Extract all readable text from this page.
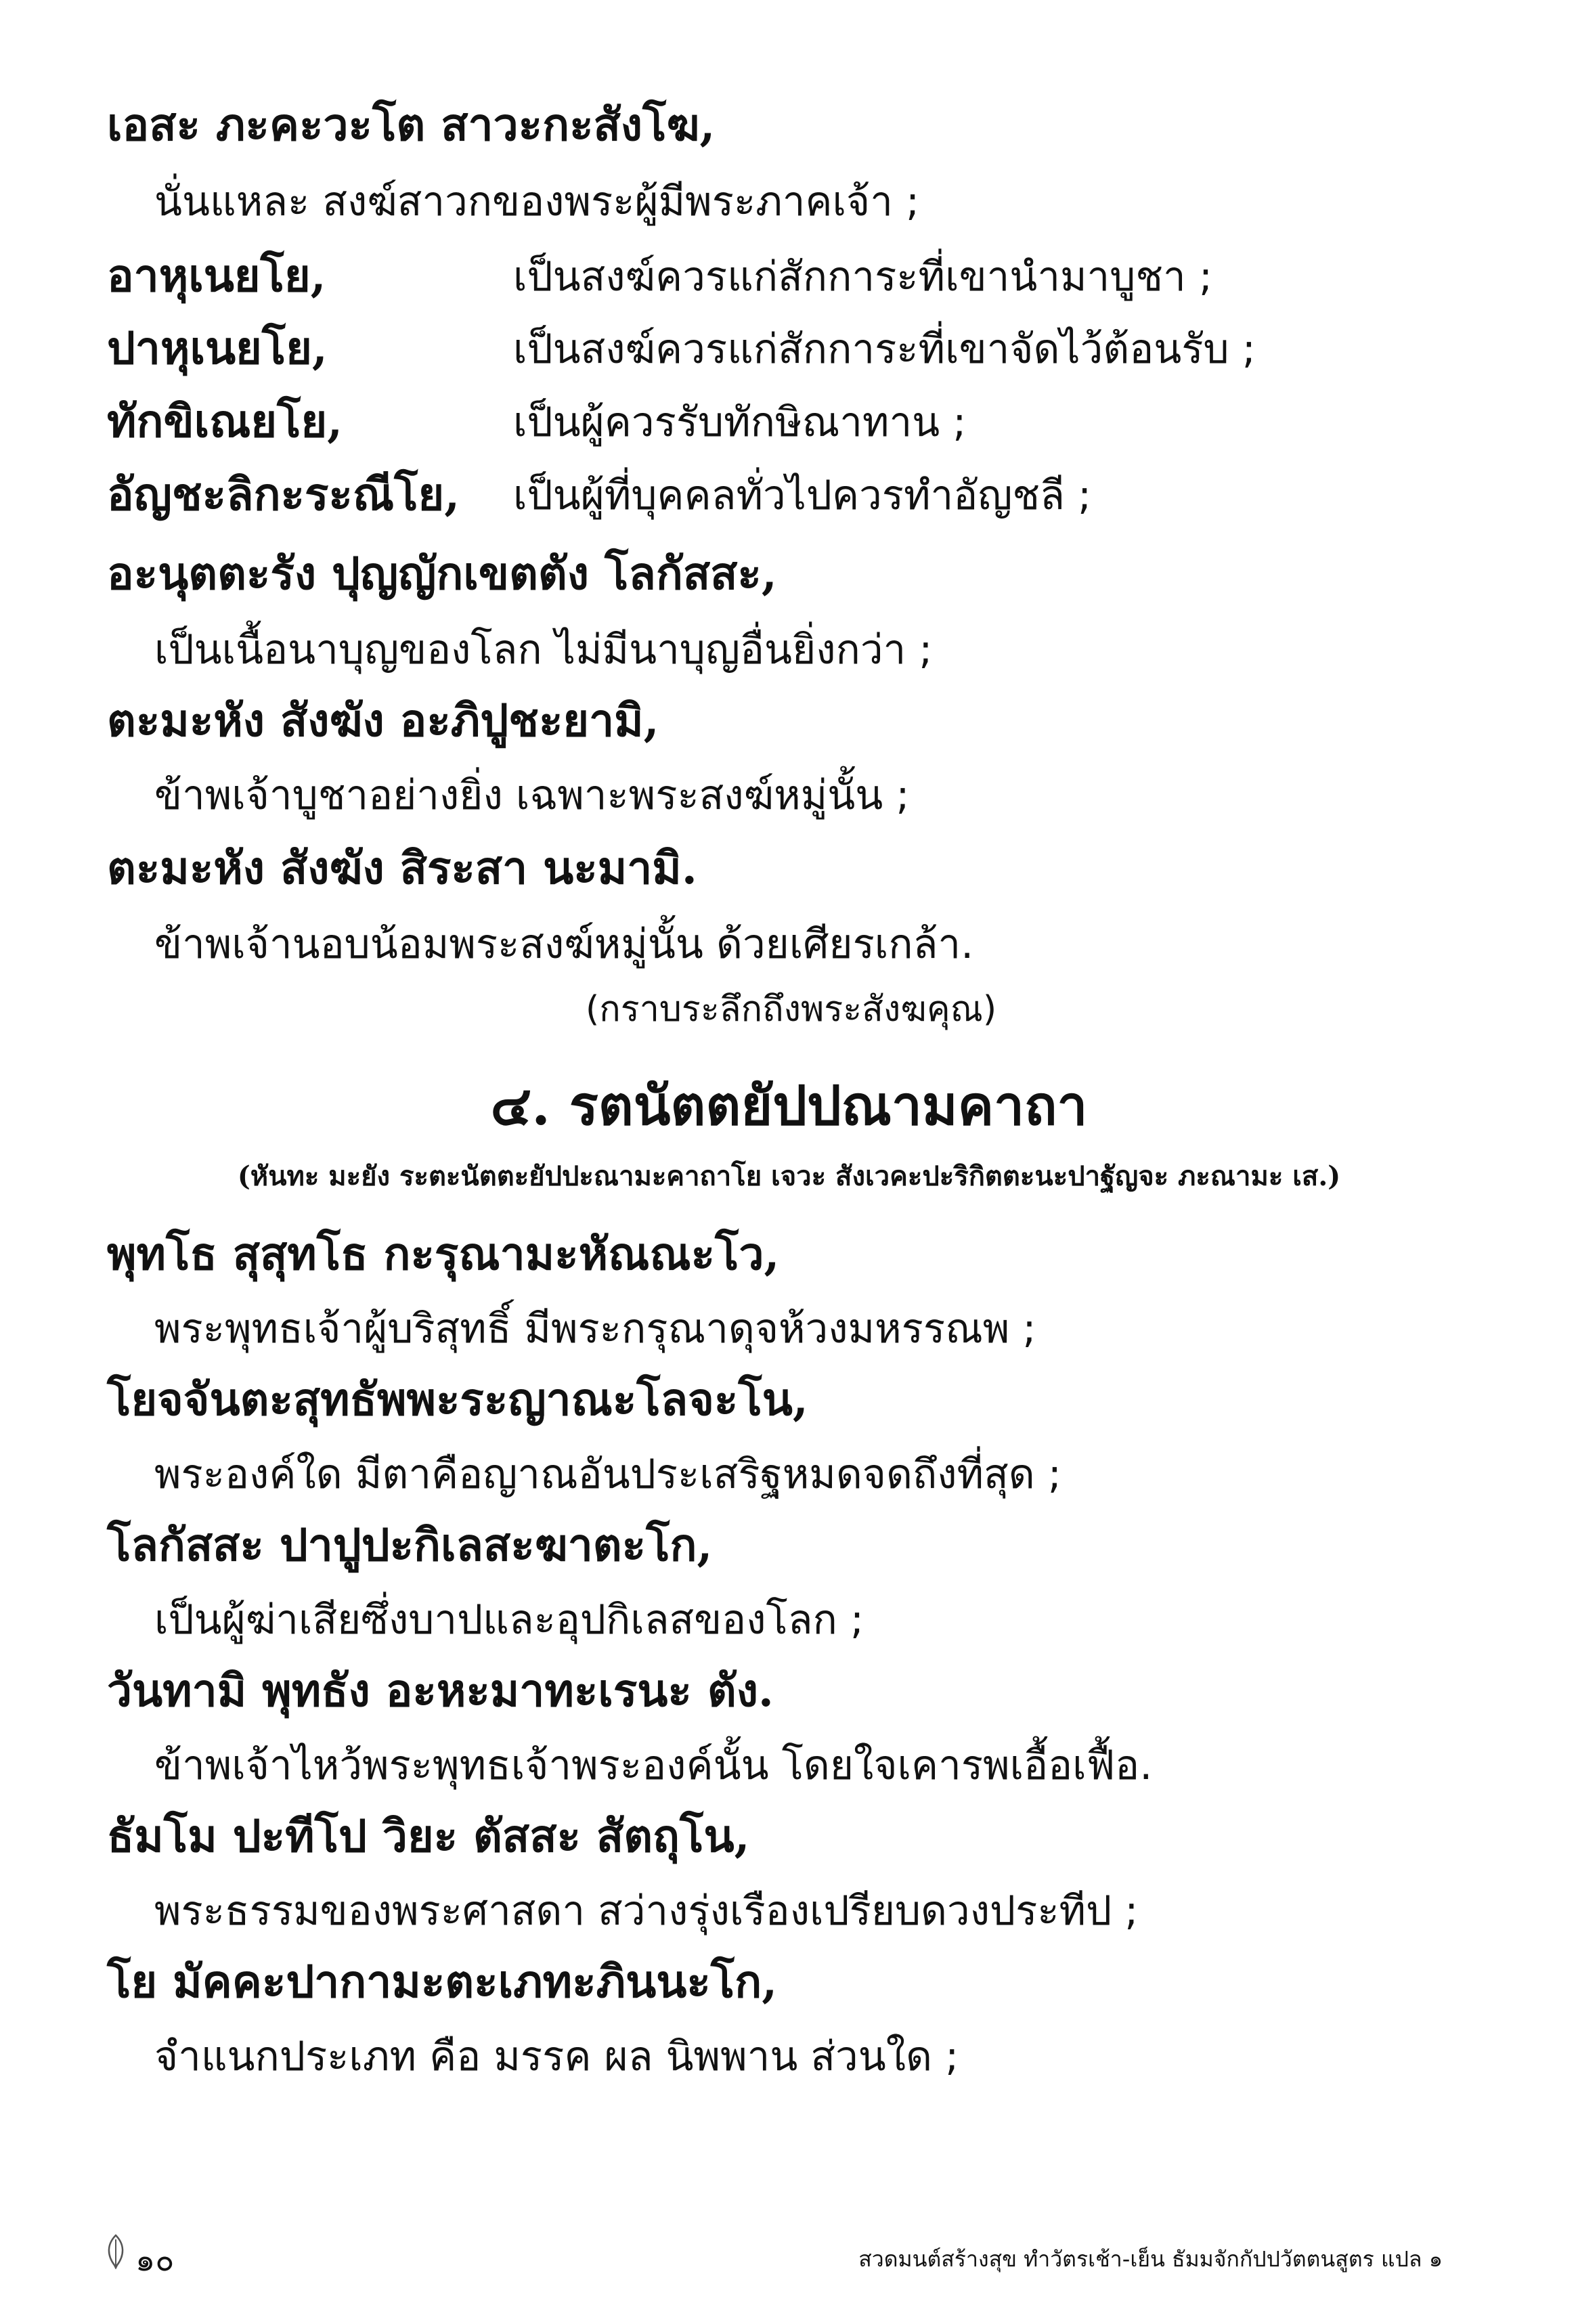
เอสะ ภะคะวะโต สาวะกะสังโฆ,
นั่นแหละ สงฆ์สาวกของพระผู้มีพระภาคเจ้า ;
อาหุเนยโย,	เป็นสงฆ์ควรแก่สักการะที่เขานำมาบูชา ;
ปาหุเนยโย,	เป็นสงฆ์ควรแก่สักการะที่เขาจัดไว้ต้อนรับ ;
ทักขิเณยโย,	เป็นผู้ควรรับทักษิณาทาน ;
อัญชะลิกะระณีโย, เป็นผู้ที่บุคคลทั่วไปควรทำอัญชลี ;
อะนุตตะรัง ปุญญักเขตตัง โลกัสสะ,
เป็นเนื้อนาบุญของโลก ไม่มีนาบุญอื่นยิ่งกว่า ;
ตะมะหัง สังฆัง อะภิปูชะยามิ,
ข้าพเจ้าบูชาอย่างยิ่ง เฉพาะพระสงฆ์หมู่นั้น ;
ตะมะหัง สังฆัง สิระสา นะมามิ.
ข้าพเจ้านอบน้อมพระสงฆ์หมู่นั้น ด้วยเศียรเกล้า.
(กราบระลึกถึงพระสังฆคุณ)
๔. รตนัตตยัปปณามคาถา
(หันทะ มะยัง ระตะนัตตะยัปปะณามะคาถาโย เจวะ สังเวคะปะริกิตตะนะปาฐัญจะ ภะณามะ เส.)
พุทโธ สุสุทโธ กะรุณามะหัณณะโว,
พระพุทธเจ้าผู้บริสุทธิ์ มีพระกรุณาดุจห้วงมหรรณพ ;
โยจจันตะสุทธัพพะระญาณะโลจะโน,
พระองค์ใด มีตาคือญาณอันประเสริฐหมดจดถึงที่สุด ;
โลกัสสะ ปาปูปะกิเลสะฆาตะโก,
เป็นผู้ฆ่าเสียซึ่งบาปและอุปกิเลสของโลก ;
วันทามิ พุทธัง อะหะมาทะเรนะ ตัง.
ข้าพเจ้าไหว้พระพุทธเจ้าพระองค์นั้น โดยใจเคารพเอื้อเฟื้อ.
ธัมโม ปะทีโป วิยะ ตัสสะ สัตถุโน,
พระธรรมของพระศาสดา สว่างรุ่งเรืองเปรียบดวงประทีป ;
โย มัคคะปากามะตะเภทะภินนะโก,
จำแนกประเภท คือ มรรค ผล นิพพาน ส่วนใด ;
๑๐	สวดมนต์สร้างสุข ทำวัตรเช้า-เย็น ธัมมจักกัปปวัตตนสูตร แปล ๑
